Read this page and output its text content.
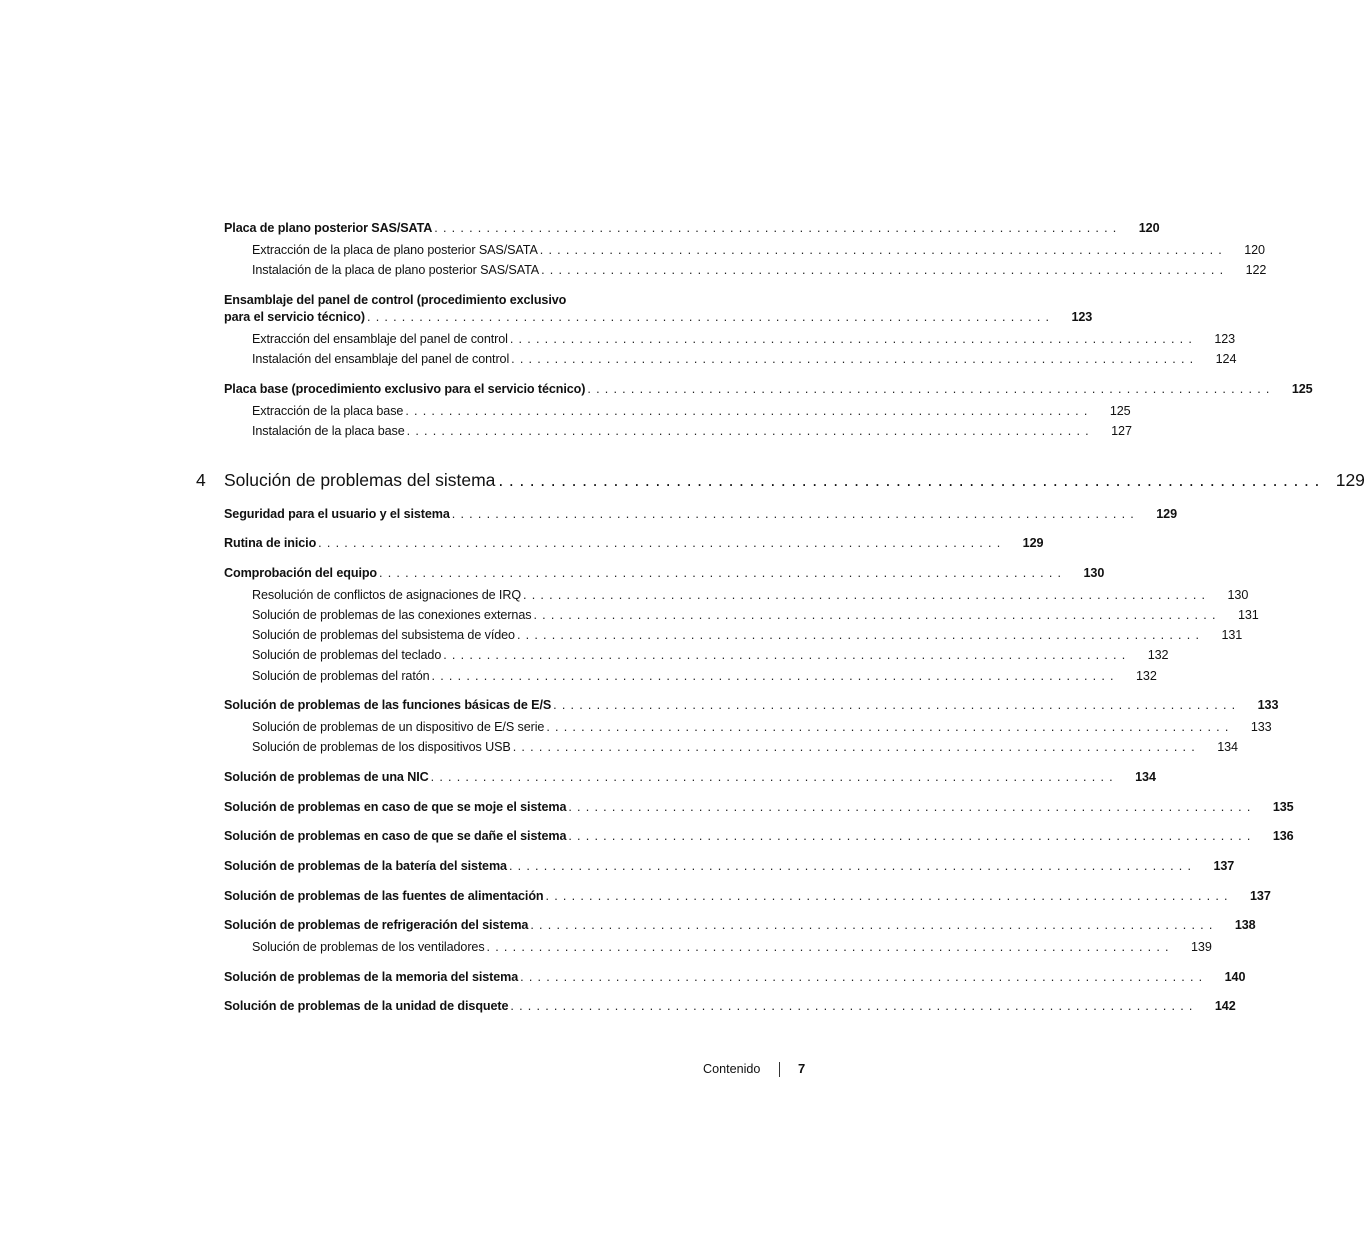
Placa de plano posterior SAS/SATA ...............................................................................	120
Extracción de la placa de plano posterior SAS/SATA ...............................................................................	120
Instalación de la placa de plano posterior SAS/SATA ...............................................................................	122
Ensamblaje del panel de control (procedimiento exclusivo
para el servicio técnico) ...............................................................................	123
Extracción del ensamblaje del panel de control ...............................................................................	123
Instalación del ensamblaje del panel de control ...............................................................................	124
Placa base (procedimiento exclusivo para el servicio técnico) ...............................................................................	125
Extracción de la placa base ...............................................................................	125
Instalación de la placa base ...............................................................................	127
4	Solución de problemas del sistema ............................................................................... 129
Seguridad para el usuario y el sistema ...............................................................................	129
Rutina de inicio ...............................................................................	129
Comprobación del equipo ...............................................................................	130
Resolución de conflictos de asignaciones de IRQ ...............................................................................	130
Solución de problemas de las conexiones externas ...............................................................................	131
Solución de problemas del subsistema de vídeo ...............................................................................	131
Solución de problemas del teclado ...............................................................................	132
Solución de problemas del ratón ...............................................................................	132
Solución de problemas de las funciones básicas de E/S ...............................................................................	133
Solución de problemas de un dispositivo de E/S serie ...............................................................................	133
Solución de problemas de los dispositivos USB ...............................................................................	134
Solución de problemas de una NIC ...............................................................................	134
Solución de problemas en caso de que se moje el sistema ...............................................................................	135
Solución de problemas en caso de que se dañe el sistema ...............................................................................	136
Solución de problemas de la batería del sistema ...............................................................................	137
Solución de problemas de las fuentes de alimentación ...............................................................................	137
Solución de problemas de refrigeración del sistema ...............................................................................	138
Solución de problemas de los ventiladores ...............................................................................	139
Solución de problemas de la memoria del sistema ...............................................................................	140
Solución de problemas de la unidad de disquete ...............................................................................	142
Contenido	7
